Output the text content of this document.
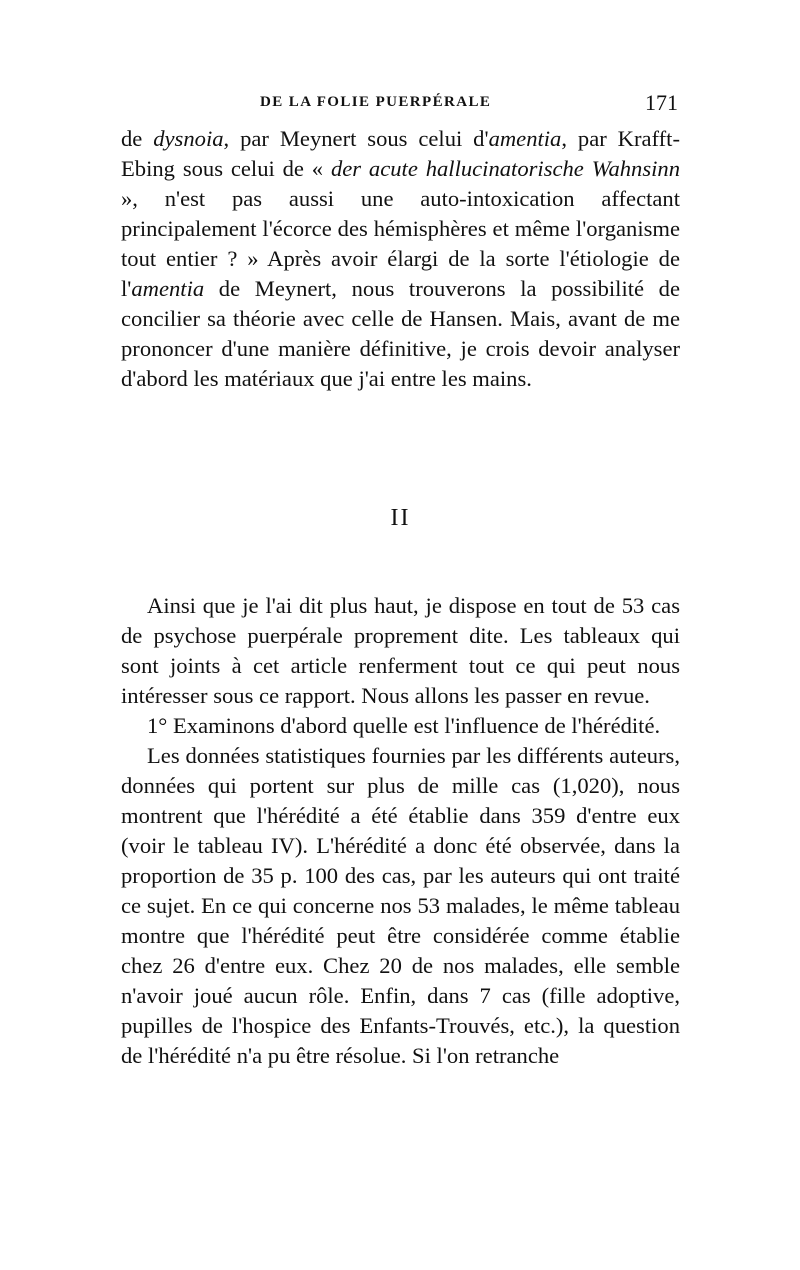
DE LA FOLIE PUERPÉRALE	171

de dysnoia, par Meynert sous celui d'amentia, par Krafft-Ebing sous celui de « der acute hallucinatorische Wahnsinn », n'est pas aussi une auto-intoxication affectant principalement l'écorce des hémisphères et même l'organisme tout entier ? » Après avoir élargi de la sorte l'étiologie de l'amentia de Meynert, nous trouverons la possibilité de concilier sa théorie avec celle de Hansen. Mais, avant de me prononcer d'une manière définitive, je crois devoir analyser d'abord les matériaux que j'ai entre les mains.

II

Ainsi que je l'ai dit plus haut, je dispose en tout de 53 cas de psychose puerpérale proprement dite. Les tableaux qui sont joints à cet article renferment tout ce qui peut nous intéresser sous ce rapport. Nous allons les passer en revue.

1° Examinons d'abord quelle est l'influence de l'hérédité.

Les données statistiques fournies par les différents auteurs, données qui portent sur plus de mille cas (1,020), nous montrent que l'hérédité a été établie dans 359 d'entre eux (voir le tableau IV). L'hérédité a donc été observée, dans la proportion de 35 p. 100 des cas, par les auteurs qui ont traité ce sujet. En ce qui concerne nos 53 malades, le même tableau montre que l'hérédité peut être considérée comme établie chez 26 d'entre eux. Chez 20 de nos malades, elle semble n'avoir joué aucun rôle. Enfin, dans 7 cas (fille adoptive, pupilles de l'hospice des Enfants-Trouvés, etc.), la question de l'hérédité n'a pu être résolue. Si l'on retranche
